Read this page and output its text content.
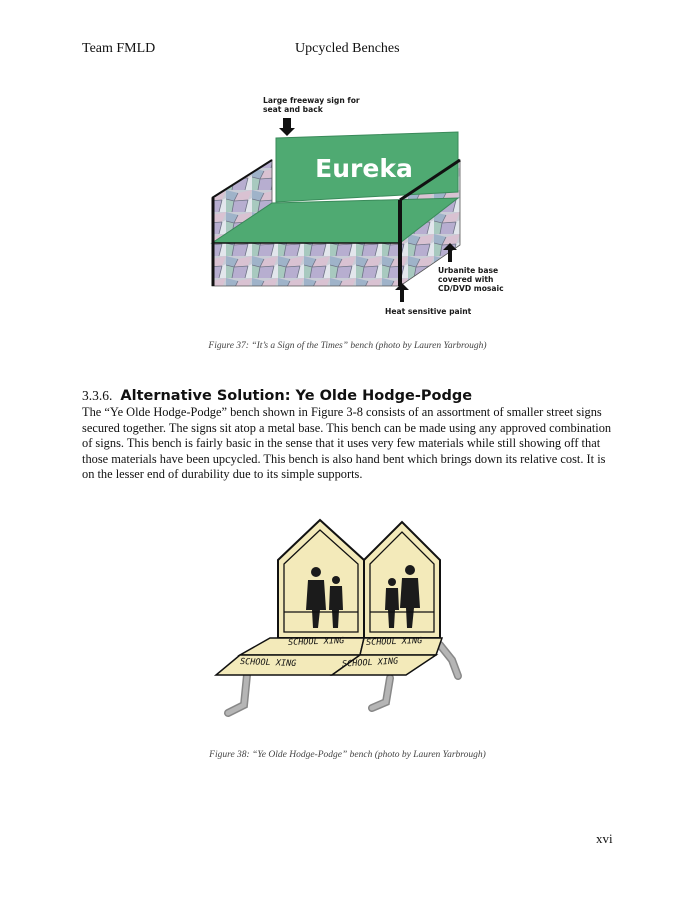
Team FMLD	Upcycled Benches
Eureka
Large freeway sign for seat and back
Urbanite base covered with CD/DVD mosaic
Heat sensitive paint
Figure 37: “It’s a Sign of the Times” bench (photo by Lauren Yarbrough)
3.3.6. Alternative Solution: Ye Olde Hodge-Podge
The “Ye Olde Hodge-Podge” bench shown in Figure 3-8 consists of an assortment of smaller street signs secured together. The signs sit atop a metal base. This bench can be made using any approved combination of signs. This bench is fairly basic in the sense that it uses very few materials while still showing off that those materials have been upcycled. This bench is also hand bent which brings down its relative cost. It is on the lesser end of durability due to its simple supports.
SCHOOL XING	SCHOOL XING
SCHOOL XING	SCHOOL XING
Figure 38: “Ye Olde Hodge-Podge” bench (photo by Lauren Yarbrough)
xvi
